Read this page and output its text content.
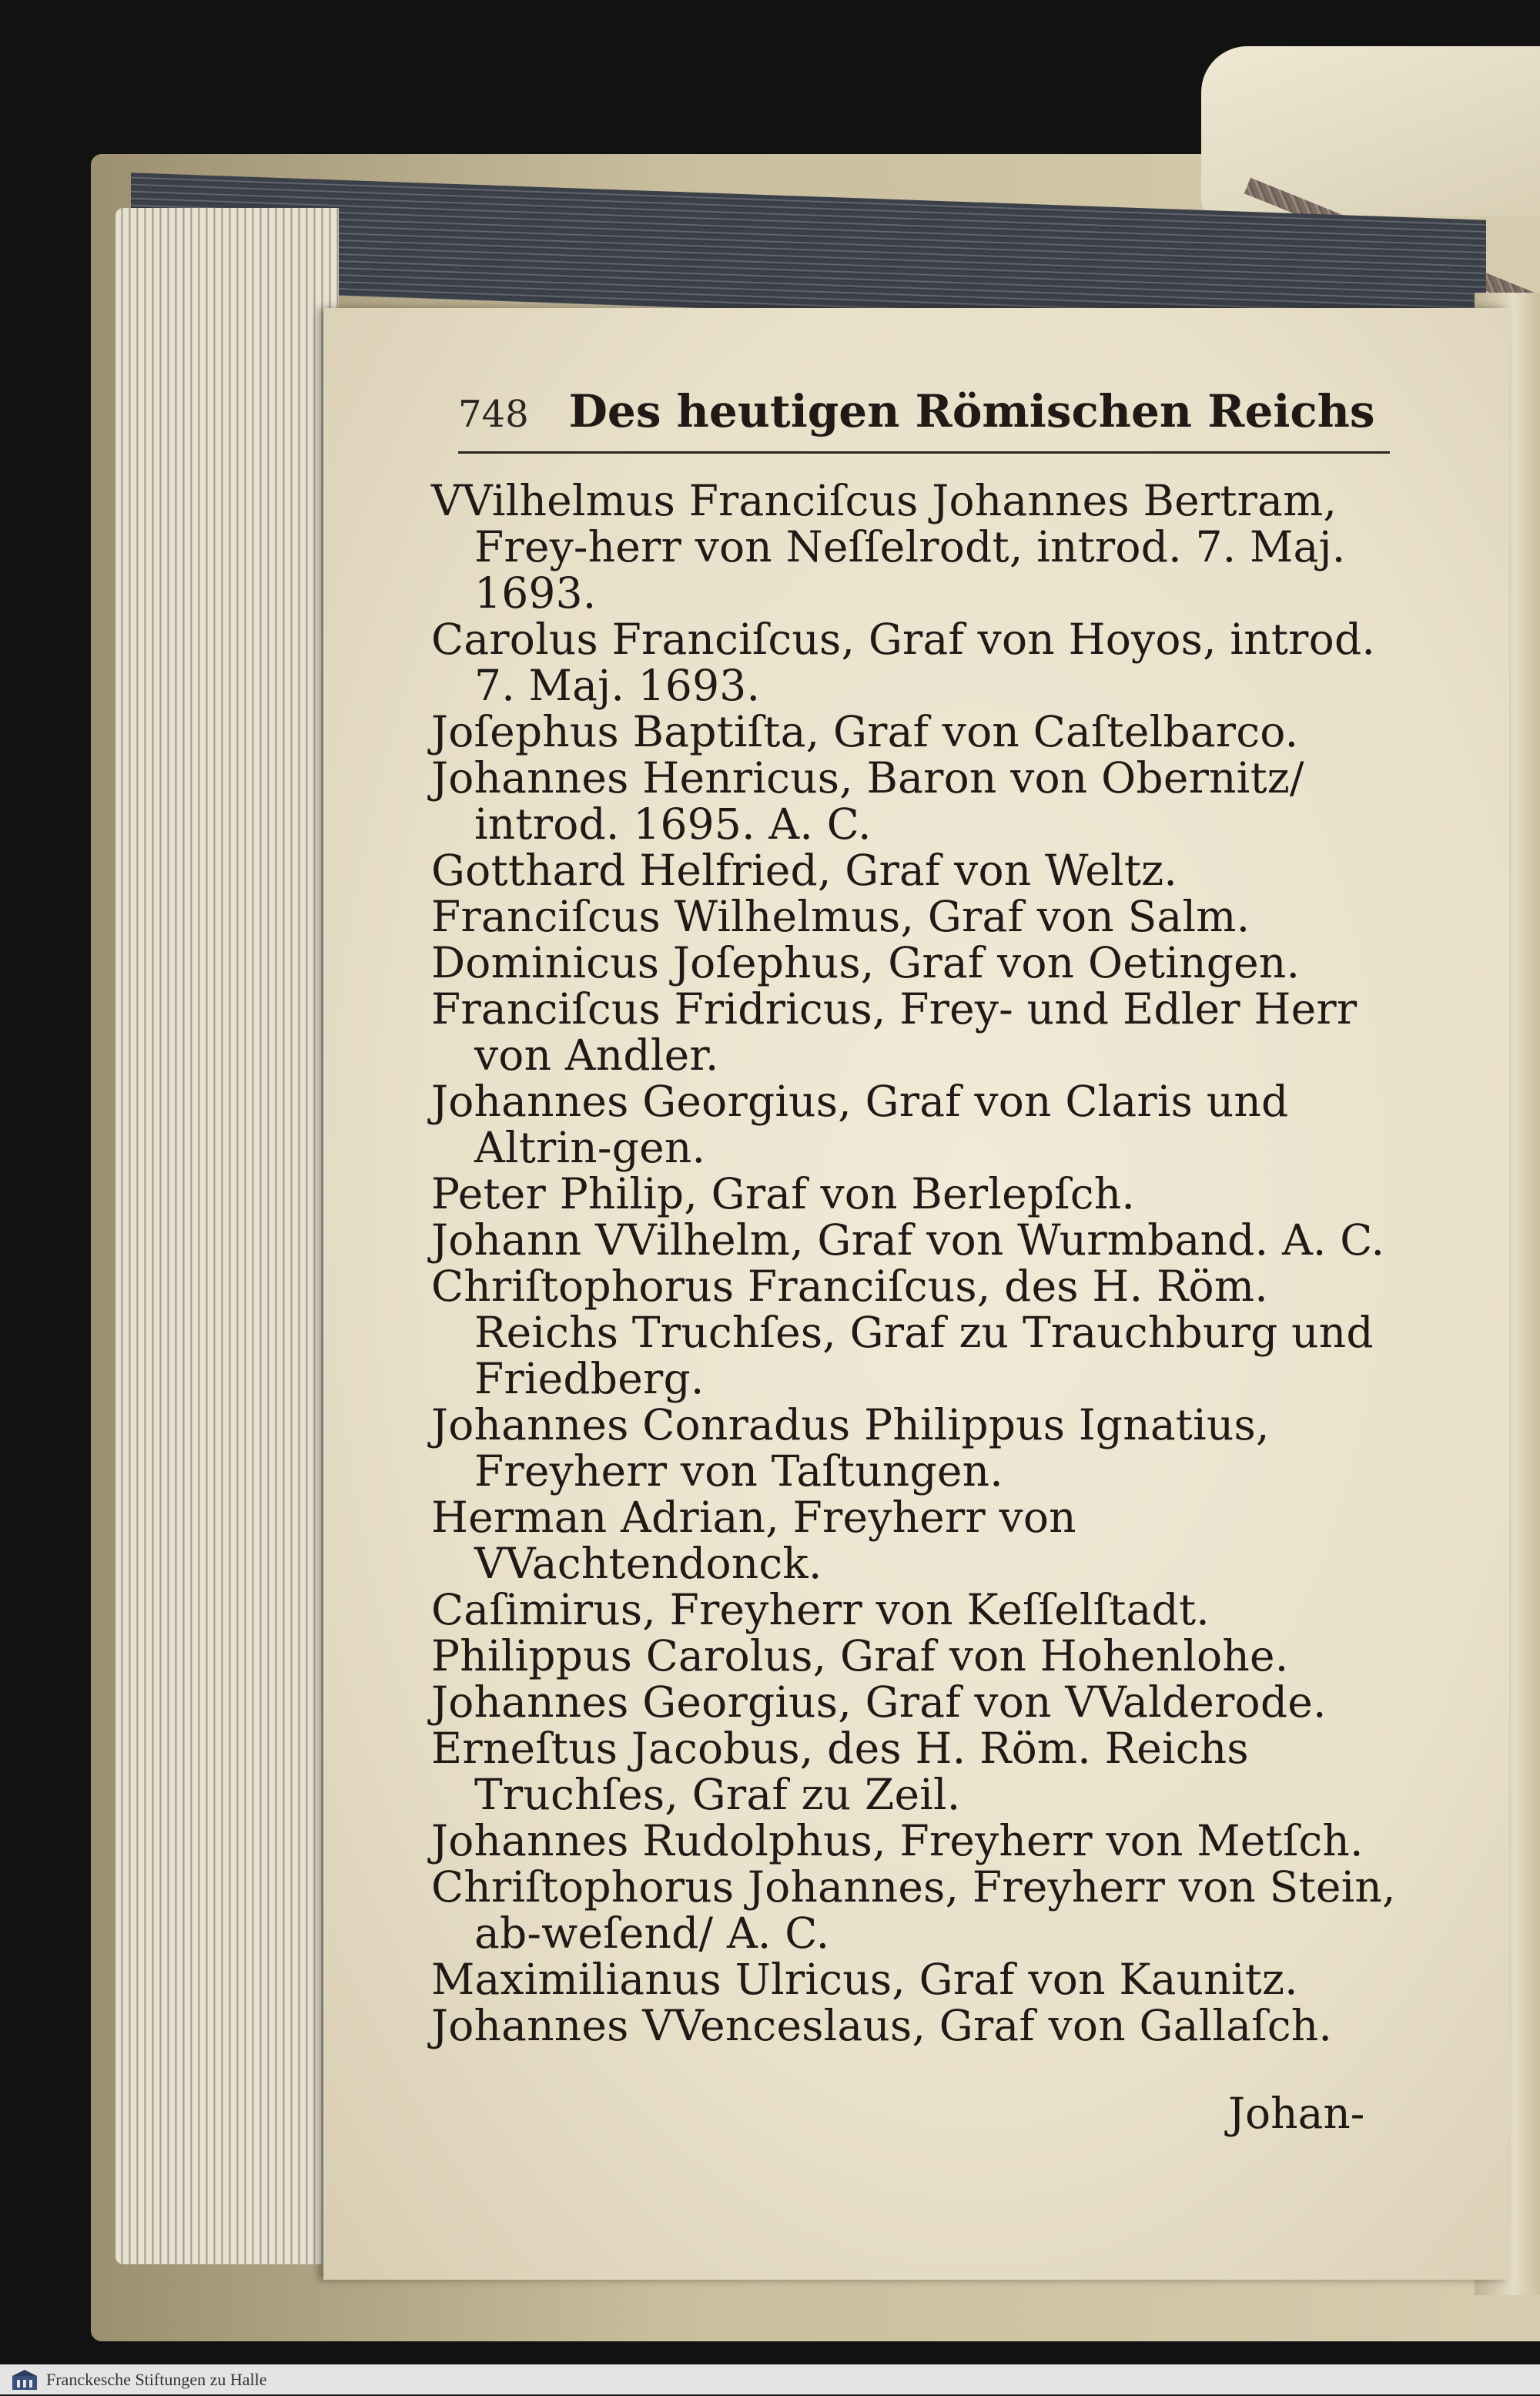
748 Des heutigen Römischen Reichs
VVilhelmus Franciſcus Johannes Bertram, Frey-herr von Neſſelrodt, introd. 7. Maj. 1693.
Carolus Franciſcus, Graf von Hoyos, introd. 7. Maj. 1693.
Joſephus Baptiſta, Graf von Caſtelbarco.
Johannes Henricus, Baron von Obernitz/ introd. 1695. A. C.
Gotthard Helfried, Graf von Weltz.
Franciſcus Wilhelmus, Graf von Salm.
Dominicus Joſephus, Graf von Oetingen.
Franciſcus Fridricus, Frey- und Edler Herr von Andler.
Johannes Georgius, Graf von Claris und Altrin-gen.
Peter Philip, Graf von Berlepſch.
Johann VVilhelm, Graf von Wurmband. A. C.
Chriſtophorus Franciſcus, des H. Röm. Reichs Truchſes, Graf zu Trauchburg und Friedberg.
Johannes Conradus Philippus Ignatius, Freyherr von Taſtungen.
Herman Adrian, Freyherr von VVachtendonck.
Caſimirus, Freyherr von Keſſelſtadt.
Philippus Carolus, Graf von Hohenlohe.
Johannes Georgius, Graf von VValderode.
Erneſtus Jacobus, des H. Röm. Reichs Truchſes, Graf zu Zeil.
Johannes Rudolphus, Freyherr von Metſch.
Chriſtophorus Johannes, Freyherr von Stein, ab-weſend/ A. C.
Maximilianus Ulricus, Graf von Kaunitz.
Johannes VVenceslaus, Graf von Gallaſch.
Johan-
Franckesche Stiftungen zu Halle
